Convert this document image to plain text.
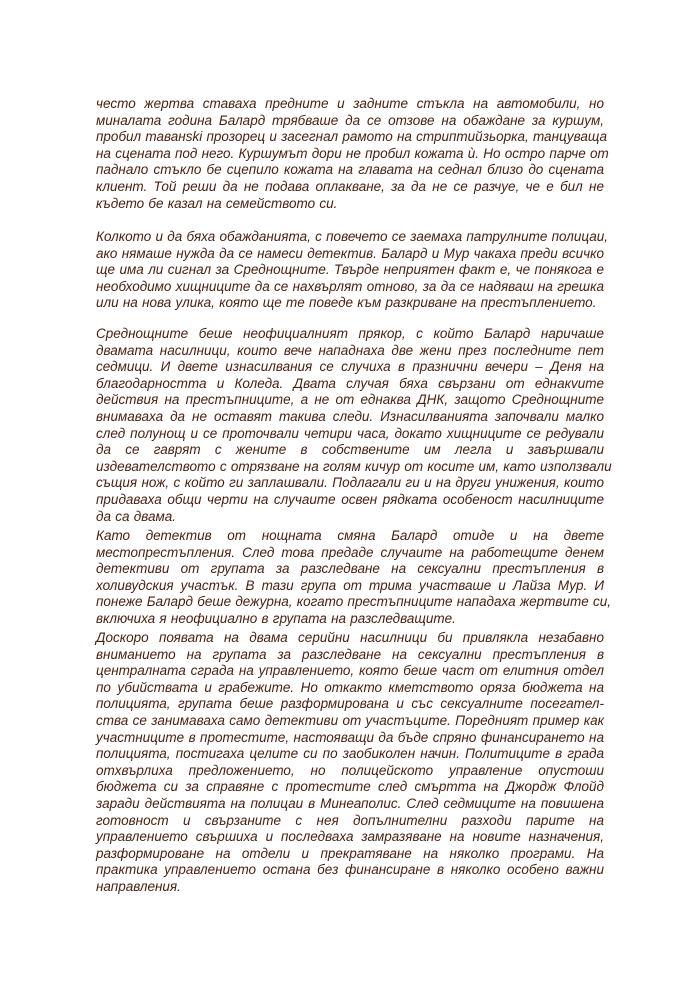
често жертва ставаха предните и задните стъкла на автомобили, но
миналата година Балард трябваше да се отзове на обаждане за куршум,
пробил таванski прозорец и засегнал рамото на стриптийзьорка, танцуваща
на сцената под него. Куршумът дори не пробил кожата ѝ. Но остро парче от
паднало стъкло бе сцепило кожата на главата на седнал близо до сцената
клиент. Той реши да не подава оплакване, за да не се разчуе, че е бил не
където бе казал на семейството си.

Колкото и да бяха обажданията, с повечето се заемаха патрулните полицаи,
ако нямаше нужда да се намеси детектив. Балард и Мур чакаха преди всичко
ще има ли сигнал за Среднощните. Твърде неприятен факт е, че понякога е
необходимо хищниците да се нахвърлят отново, за да се надяваш на грешка
или на нова улика, която ще те поведе към разкриване на престъплението.

Среднощните беше неофициалният прякор, с който Балард наричаше
двамата насилници, които вече нападнаха две жени през последните пет
седмици. И двете изнасилвания се случиха в празнични вечери – Деня на
благодарността и Коледа. Двата случая бяха свързани от еднакvите
действия на престъпниците, а не от еднаква ДНК, защото Среднощните
внимаваха да не оставят такива следи. Изнасилванията започвали малко
след полунощ и се проточвали четири часа, докато хищниците се редували
да се гаврят с жените в собствените им легла и завършвали
издевателството с отрязване на голям кичур от косите им, като използвали
същия нож, с който ги заплашвали. Подлагали ги и на други унижения, които
придаваха общи черти на случаите освен рядката особеност насилниците
да са двама.

Като детектив от нощната смяна Балард отиде и на двете
местопрестъпления. След това предаде случаите на работещите денем
детективи от групата за разследване на сексуални престъпления в
холивудския участък. В тази група от трима участваше и Лайза Мур. И
понеже Балард беше дежурна, когато престъпниците нападаха жертвите си,
включиха я неофициално в групата на разследващите.

Доскоро появата на двама серийни насилници би привлякла незабавно
вниманието на групата за разследване на сексуални престъпления в
централната сграда на управлението, която беше част от елитния отдел
по убийствата и грабежите. Но откакто кметството орязa бюджета на
полицията, групата беше разформирована и със сексуалните посегател-
ства се занимаваха само детективи от участъците. Поредният пример как
участниците в протестите, настояващи да бъде спряно финансирането на
полицията, постигаха целите си по заобиколен начин. Политиците в града
отхвърлиха предложението, но полицейското управление опустоши
бюджета си за справяне с протестите след смъртта на Джордж Флойд
заради действията на полицаи в Минеаполис. След седмиците на повишена
готовност и свързаните с нея допълнителни разходи парите на
управлението свършиха и последваха замразяване на новите назначения,
разформироване на отдели и прекратяване на няколко програми. На
практика управлението остана без финансиране в няколко особено важни
направления.
